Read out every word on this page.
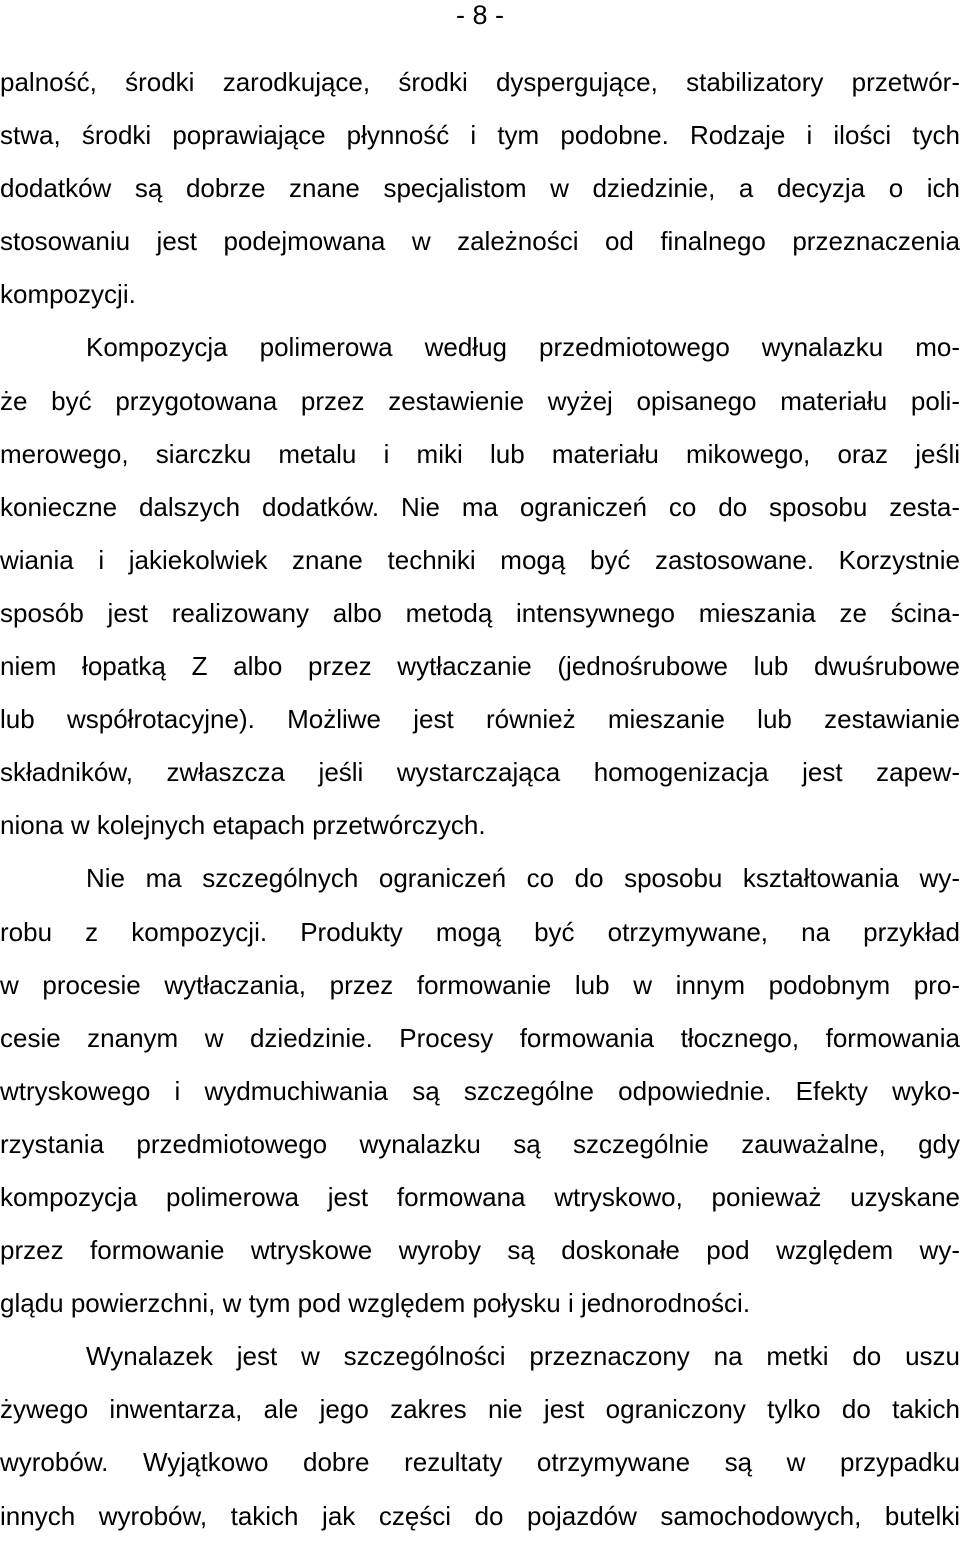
- 8 -
palność, środki zarodkujące, środki dyspergujące, stabilizatory przetwór-
stwa, środki poprawiające płynność i tym podobne. Rodzaje i ilości tych
dodatków są dobrze znane specjalistom w dziedzinie, a decyzja o ich
stosowaniu jest podejmowana w zależności od finalnego przeznaczenia
kompozycji.
Kompozycja polimerowa według przedmiotowego wynalazku mo-
że być przygotowana przez zestawienie wyżej opisanego materiału poli-
merowego, siarczku metalu i miki lub materiału mikowego, oraz jeśli
konieczne dalszych dodatków. Nie ma ograniczeń co do sposobu zesta-
wiania i jakiekolwiek znane techniki mogą być zastosowane. Korzystnie
sposób jest realizowany albo metodą intensywnego mieszania ze ścina-
niem łopatką Z albo przez wytłaczanie (jednośrubowe lub dwuśrubowe
lub współrotacyjne). Możliwe jest również mieszanie lub zestawianie
składników, zwłaszcza jeśli wystarczająca homogenizacja jest zapew-
niona w kolejnych etapach przetwórczych.
Nie ma szczególnych ograniczeń co do sposobu kształtowania wy-
robu z kompozycji. Produkty mogą być otrzymywane, na przykład
w procesie wytłaczania, przez formowanie lub w innym podobnym pro-
cesie znanym w dziedzinie. Procesy formowania tłocznego, formowania
wtryskowego i wydmuchiwania są szczególne odpowiednie. Efekty wyko-
rzystania przedmiotowego wynalazku są szczególnie zauważalne, gdy
kompozycja polimerowa jest formowana wtryskowo, ponieważ uzyskane
przez formowanie wtryskowe wyroby są doskonałe pod względem wy-
glądu powierzchni, w tym pod względem połysku i jednorodności.
Wynalazek jest w szczególności przeznaczony na metki do uszu
żywego inwentarza, ale jego zakres nie jest ograniczony tylko do takich
wyrobów. Wyjątkowo dobre rezultaty otrzymywane są w przypadku
innych wyrobów, takich jak części do pojazdów samochodowych, butelki
